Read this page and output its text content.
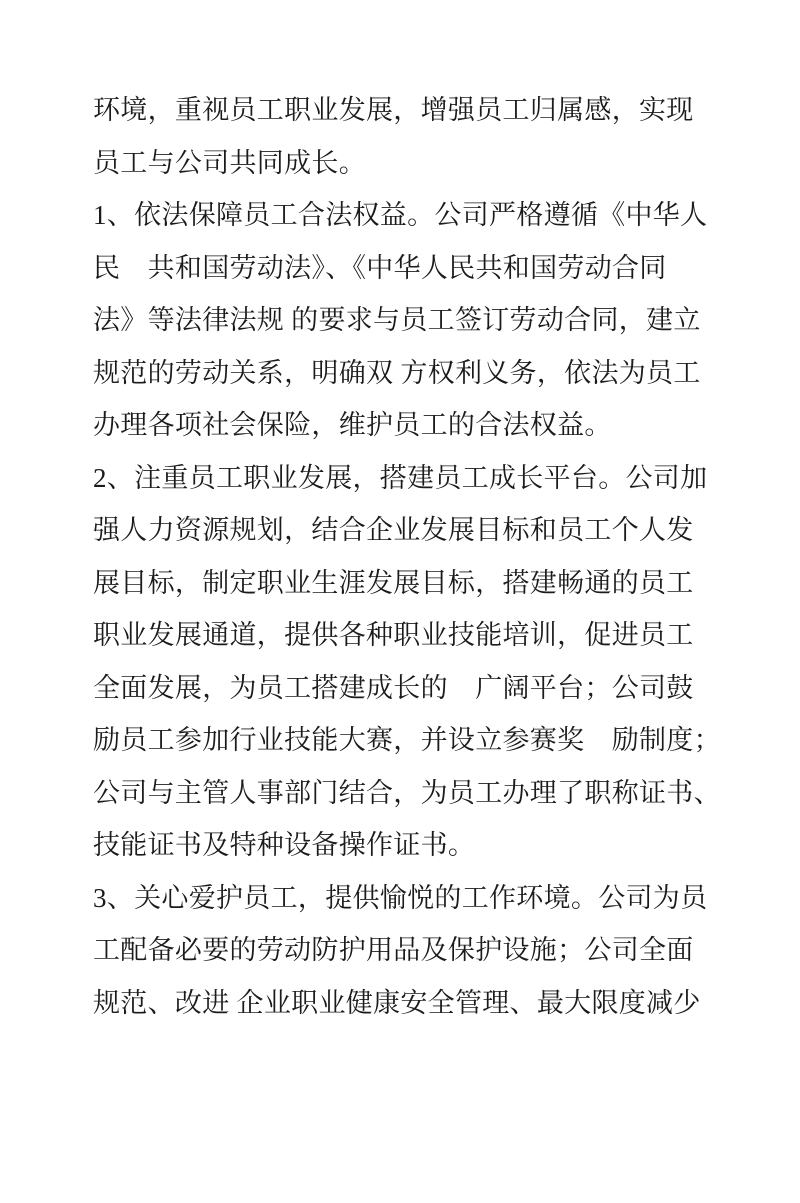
环境，重视员工职业发展，增强员工归属感，实现
员工与公司共同成长。
1、依法保障员工合法权益。公司严格遵循《中华人
民　共和国劳动法》、《中华人民共和国劳动合同
法》等法律法规 的要求与员工签订劳动合同，建立
规范的劳动关系，明确双 方权利义务，依法为员工
办理各项社会保险，维护员工的合法权益。
2、注重员工职业发展，搭建员工成长平台。公司加
强人力资源规划，结合企业发展目标和员工个人发
展目标，制定职业生涯发展目标，搭建畅通的员工
职业发展通道，提供各种职业技能培训，促进员工
全面发展，为员工搭建成长的　广阔平台；公司鼓
励员工参加行业技能大赛，并设立参赛奖　励制度；
公司与主管人事部门结合，为员工办理了职称证书、
技能证书及特种设备操作证书。
3、关心爱护员工，提供愉悦的工作环境。公司为员
工配备必要的劳动防护用品及保护设施；公司全面
规范、改进 企业职业健康安全管理、最大限度减少
